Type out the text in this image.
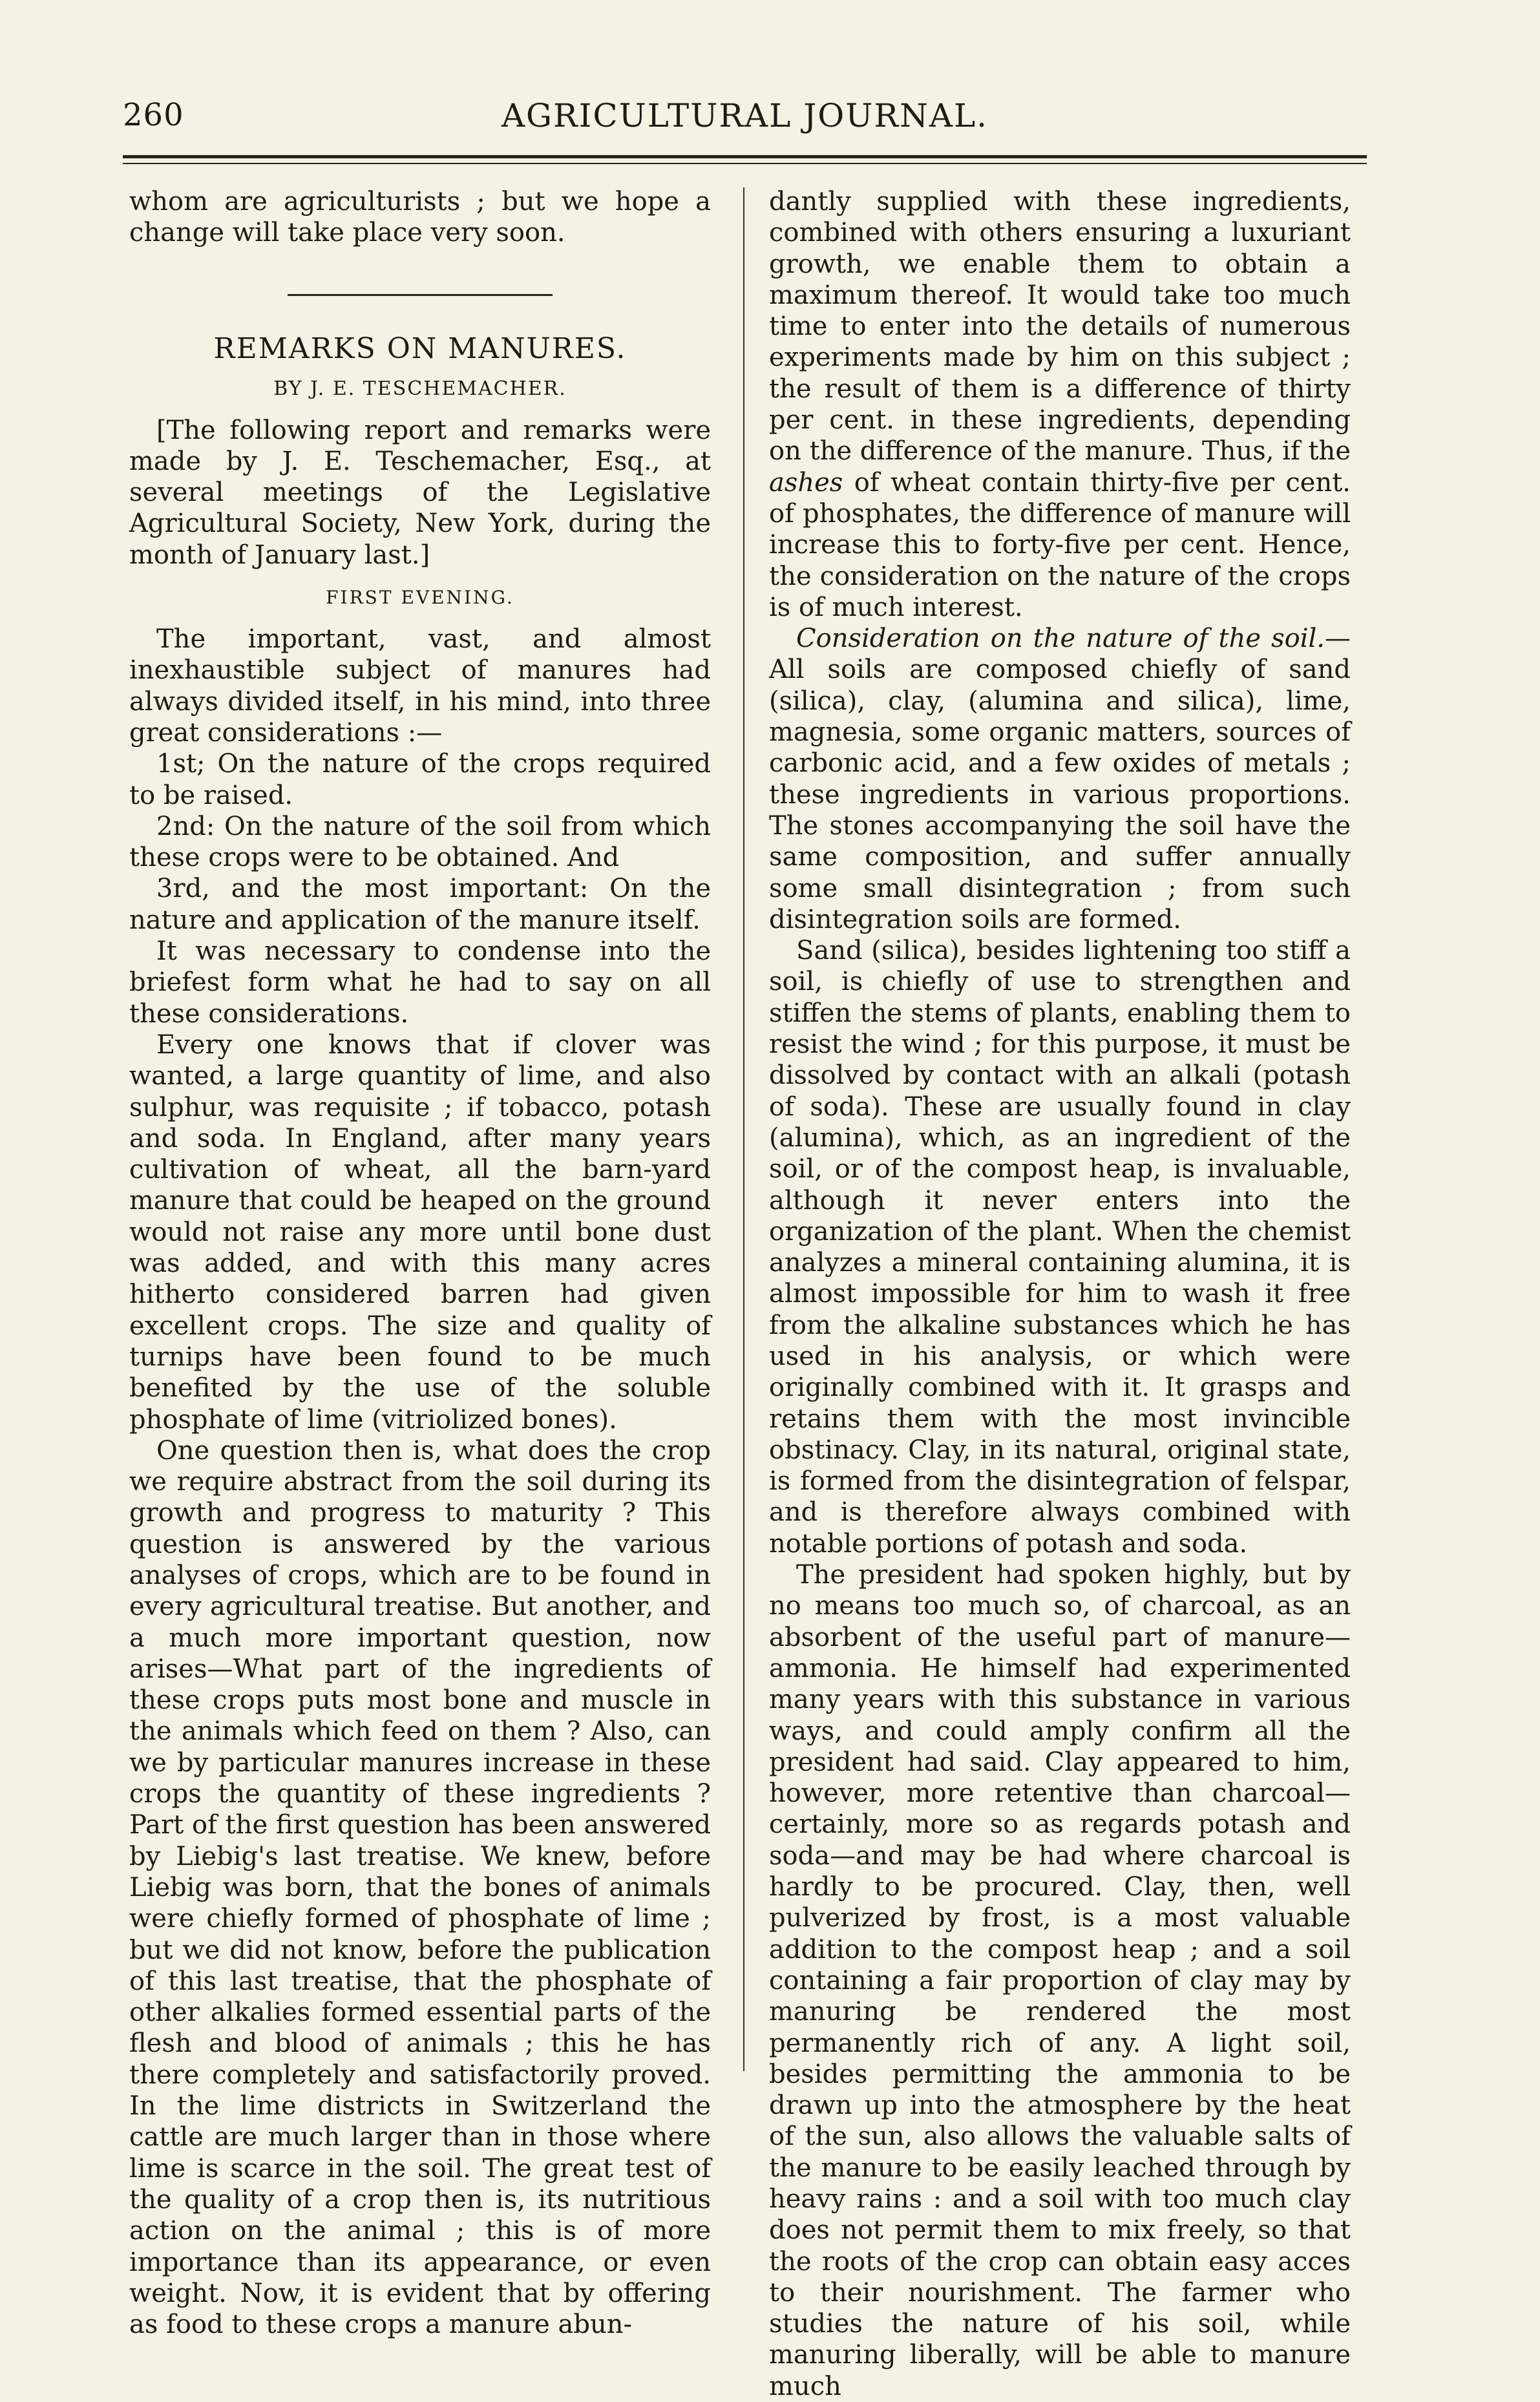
260	AGRICULTURAL JOURNAL.

whom are agriculturists ; but we hope a change will take place very soon.

REMARKS ON MANURES.
BY J. E. TESCHEMACHER.

[The following report and remarks were made by J. E. Teschemacher, Esq., at several meetings of the Legislative Agricultural Society, New York, during the month of January last.]

FIRST EVENING.

The important, vast, and almost inexhaustible subject of manures had always divided itself, in his mind, into three great considerations :—

1st; On the nature of the crops required to be raised.

2nd: On the nature of the soil from which these crops were to be obtained. And

3rd, and the most important: On the nature and application of the manure itself.

It was necessary to condense into the briefest form what he had to say on all these considerations.

Every one knows that if clover was wanted, a large quantity of lime, and also sulphur, was requisite ; if tobacco, potash and soda. In England, after many years cultivation of wheat, all the barn-yard manure that could be heaped on the ground would not raise any more until bone dust was added, and with this many acres hitherto considered barren had given excellent crops. The size and quality of turnips have been found to be much benefited by the use of the soluble phosphate of lime (vitriolized bones).

One question then is, what does the crop we require abstract from the soil during its growth and progress to maturity ? This question is answered by the various analyses of crops, which are to be found in every agricultural treatise. But another, and a much more important question, now arises—What part of the ingredients of these crops puts most bone and muscle in the animals which feed on them ? Also, can we by particular manures increase in these crops the quantity of these ingredients ? Part of the first question has been answered by Liebig's last treatise. We knew, before Liebig was born, that the bones of animals were chiefly formed of phosphate of lime ; but we did not know, before the publication of this last treatise, that the phosphate of other alkalies formed essential parts of the flesh and blood of animals ; this he has there completely and satisfactorily proved. In the lime districts in Switzerland the cattle are much larger than in those where lime is scarce in the soil. The great test of the quality of a crop then is, its nutritious action on the animal ; this is of more importance than its appearance, or even weight. Now, it is evident that by offering as food to these crops a manure abun-

dantly supplied with these ingredients, combined with others ensuring a luxuriant growth, we enable them to obtain a maximum thereof. It would take too much time to enter into the details of numerous experiments made by him on this subject ; the result of them is a difference of thirty per cent. in these ingredients, depending on the difference of the manure. Thus, if the ashes of wheat contain thirty-five per cent. of phosphates, the difference of manure will increase this to forty-five per cent. Hence, the consideration on the nature of the crops is of much interest.

Consideration on the nature of the soil.—All soils are composed chiefly of sand (silica), clay, (alumina and silica), lime, magnesia, some organic matters, sources of carbonic acid, and a few oxides of metals ; these ingredients in various proportions. The stones accompanying the soil have the same composition, and suffer annually some small disintegration ; from such disintegration soils are formed.

Sand (silica), besides lightening too stiff a soil, is chiefly of use to strengthen and stiffen the stems of plants, enabling them to resist the wind ; for this purpose, it must be dissolved by contact with an alkali (potash of soda). These are usually found in clay (alumina), which, as an ingredient of the soil, or of the compost heap, is invaluable, although it never enters into the organization of the plant. When the chemist analyzes a mineral containing alumina, it is almost impossible for him to wash it free from the alkaline substances which he has used in his analysis, or which were originally combined with it. It grasps and retains them with the most invincible obstinacy. Clay, in its natural, original state, is formed from the disintegration of felspar, and is therefore always combined with notable portions of potash and soda.

The president had spoken highly, but by no means too much so, of charcoal, as an absorbent of the useful part of manure—ammonia. He himself had experimented many years with this substance in various ways, and could amply confirm all the president had said. Clay appeared to him, however, more retentive than charcoal—certainly, more so as regards potash and soda—and may be had where charcoal is hardly to be procured. Clay, then, well pulverized by frost, is a most valuable addition to the compost heap ; and a soil containing a fair proportion of clay may by manuring be rendered the most permanently rich of any. A light soil, besides permitting the ammonia to be drawn up into the atmosphere by the heat of the sun, also allows the valuable salts of the manure to be easily leached through by heavy rains : and a soil with too much clay does not permit them to mix freely, so that the roots of the crop can obtain easy acces to their nourishment. The farmer who studies the nature of his soil, while manuring liberally, will be able to manure much
